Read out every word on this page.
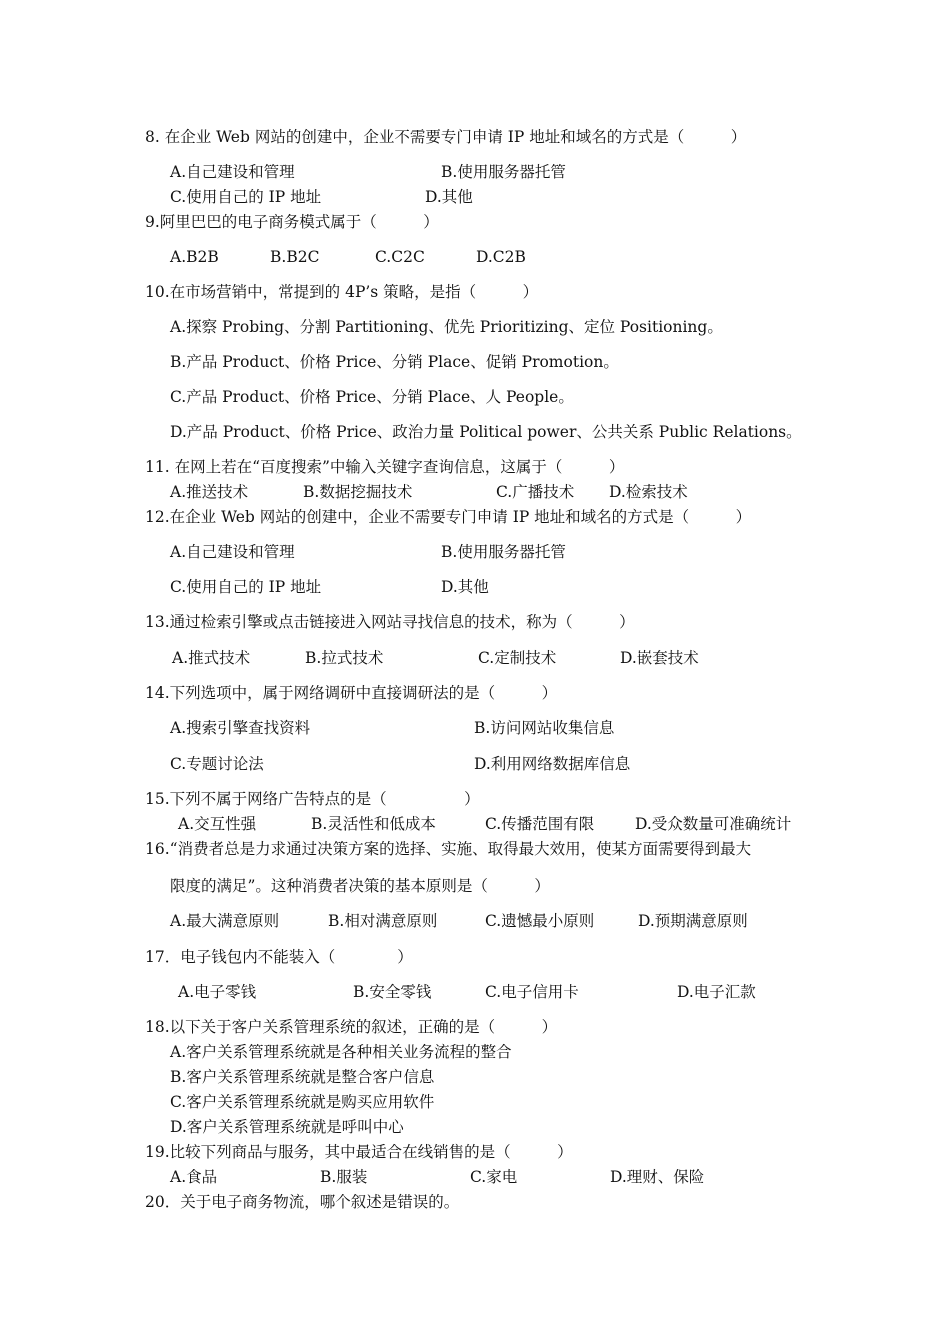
8. 在企业 Web 网站的创建中，企业不需要专门申请 IP 地址和域名的方式是（　　　）
A.自己建设和管理	B.使用服务器托管
C.使用自己的 IP 地址	D.其他
9.阿里巴巴的电子商务模式属于（　　　）
A.B2B	B.B2C	C.C2C	D.C2B
10.在市场营销中，常提到的 4P’s 策略，是指（　　　）
A.探察 Probing、分割 Partitioning、优先 Prioritizing、定位 Positioning。
B.产品 Product、价格 Price、分销 Place、促销 Promotion。
C.产品 Product、价格 Price、分销 Place、人 People。
D.产品 Product、价格 Price、政治力量 Political power、公共关系 Public Relations。
11. 在网上若在“百度搜索”中输入关键字查询信息，这属于（　　　）
A.推送技术	B.数据挖掘技术	C.广播技术 D.检索技术
12.在企业 Web 网站的创建中，企业不需要专门申请 IP 地址和域名的方式是（　　　）
A.自己建设和管理	B.使用服务器托管
C.使用自己的 IP 地址	D.其他
13.通过检索引擎或点击链接进入网站寻找信息的技术，称为（　　　）
A.推式技术	B.拉式技术	C.定制技术	D.嵌套技术
14.下列选项中，属于网络调研中直接调研法的是（　　　）
A.搜索引擎查找资料	B.访问网站收集信息
C.专题讨论法	D.利用网络数据库信息
15.下列不属于网络广告特点的是（　　　　　）
A.交互性强	B.灵活性和低成本	C.传播范围有限	D.受众数量可准确统计
16.“消费者总是力求通过决策方案的选择、实施、取得最大效用，使某方面需要得到最大
限度的满足”。这种消费者决策的基本原则是（　　　）
A.最大满意原则	B.相对满意原则	C.遗憾最小原则	D.预期满意原则
17．电子钱包内不能装入（　　　　）
A.电子零钱	B.安全零钱	C.电子信用卡	D.电子汇款
18.以下关于客户关系管理系统的叙述，正确的是（　　　）
A.客户关系管理系统就是各种相关业务流程的整合
B.客户关系管理系统就是整合客户信息
C.客户关系管理系统就是购买应用软件
D.客户关系管理系统就是呼叫中心
19.比较下列商品与服务，其中最适合在线销售的是（　　　）
A.食品	B.服装	C.家电	D.理财、保险
20．关于电子商务物流，哪个叙述是错误的。
